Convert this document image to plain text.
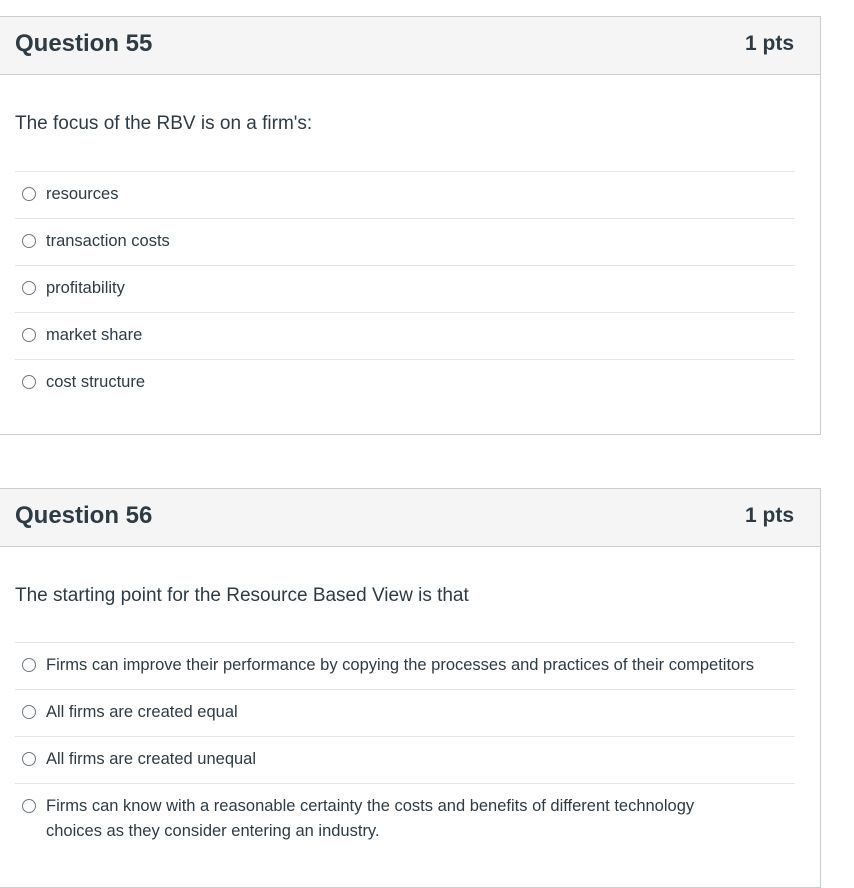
Question 55	1 pts
The focus of the RBV is on a firm's:
resources
transaction costs
profitability
market share
cost structure
Question 56	1 pts
The starting point for the Resource Based View is that
Firms can improve their performance by copying the processes and practices of their competitors
All firms are created equal
All firms are created unequal
Firms can know with a reasonable certainty the costs and benefits of different technology choices as they consider entering an industry.
